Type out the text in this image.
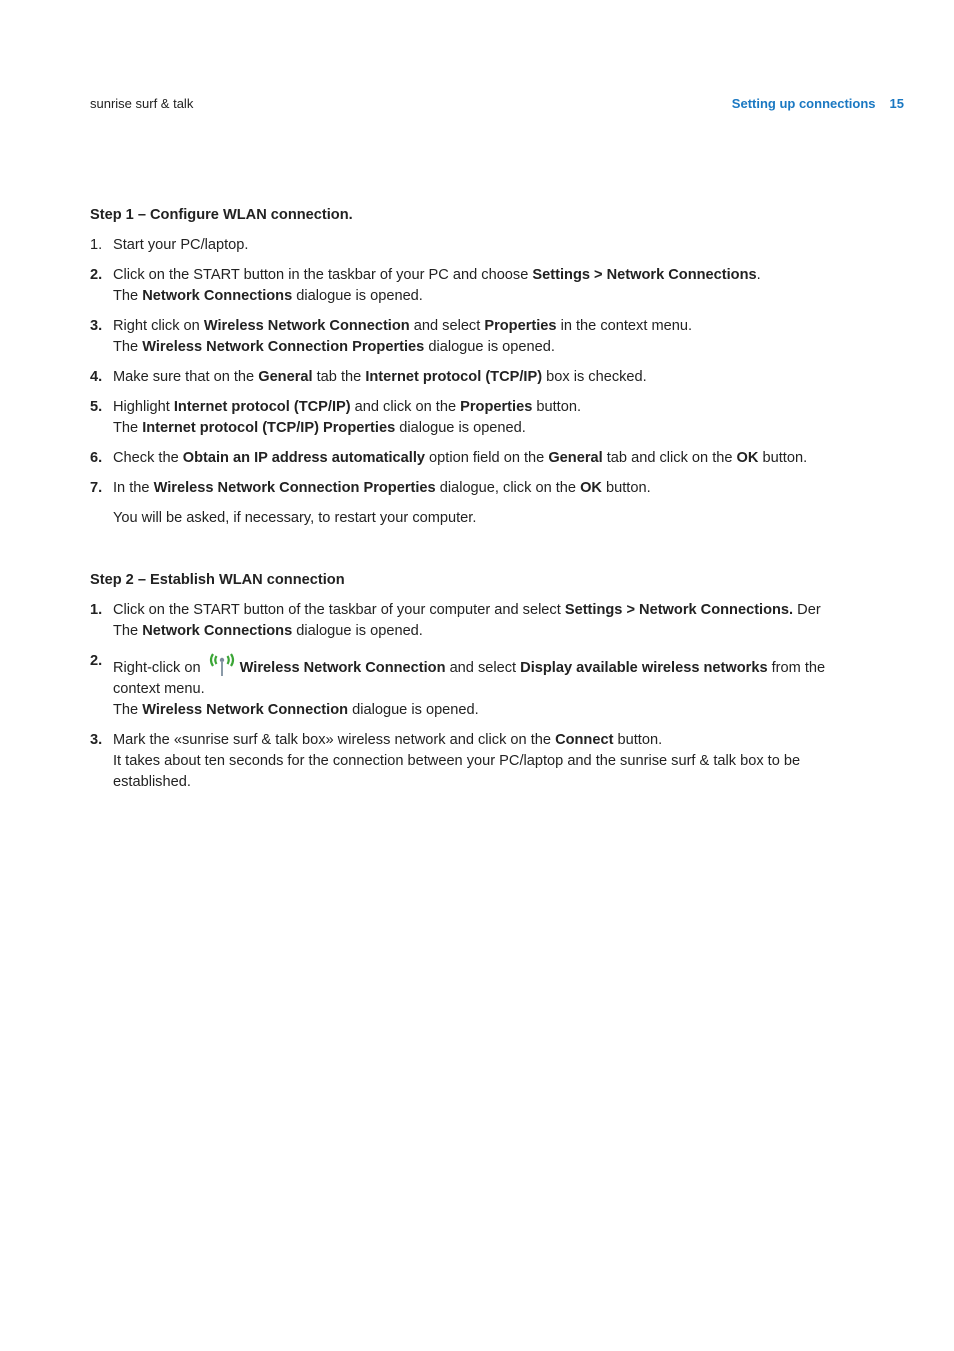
sunrise surf & talk	Setting up connections 15

Step 1 – Configure WLAN connection.

1. Start your PC/laptop.
2. Click on the START button in the taskbar of your PC and choose Settings > Network Connections.
The Network Connections dialogue is opened.
3. Right click on Wireless Network Connection and select Properties in the context menu.
The Wireless Network Connection Properties dialogue is opened.
4. Make sure that on the General tab the Internet protocol (TCP/IP) box is checked.
5. Highlight Internet protocol (TCP/IP) and click on the Properties button.
The Internet protocol (TCP/IP) Properties dialogue is opened.
6. Check the Obtain an IP address automatically option field on the General tab and click on the OK button.
7. In the Wireless Network Connection Properties dialogue, click on the OK button.

You will be asked, if necessary, to restart your computer.

Step 2 – Establish WLAN connection

1. Click on the START button of the taskbar of your computer and select Settings > Network Connections. Der
The Network Connections dialogue is opened.
2. Right-click on
Wireless Network Connection and select Display available wireless networks from the context menu.
The Wireless Network Connection dialogue is opened.
3. Mark the «sunrise surf & talk box» wireless network and click on the Connect button.
It takes about ten seconds for the connection between your PC/laptop and the sunrise surf & talk box to be established.
